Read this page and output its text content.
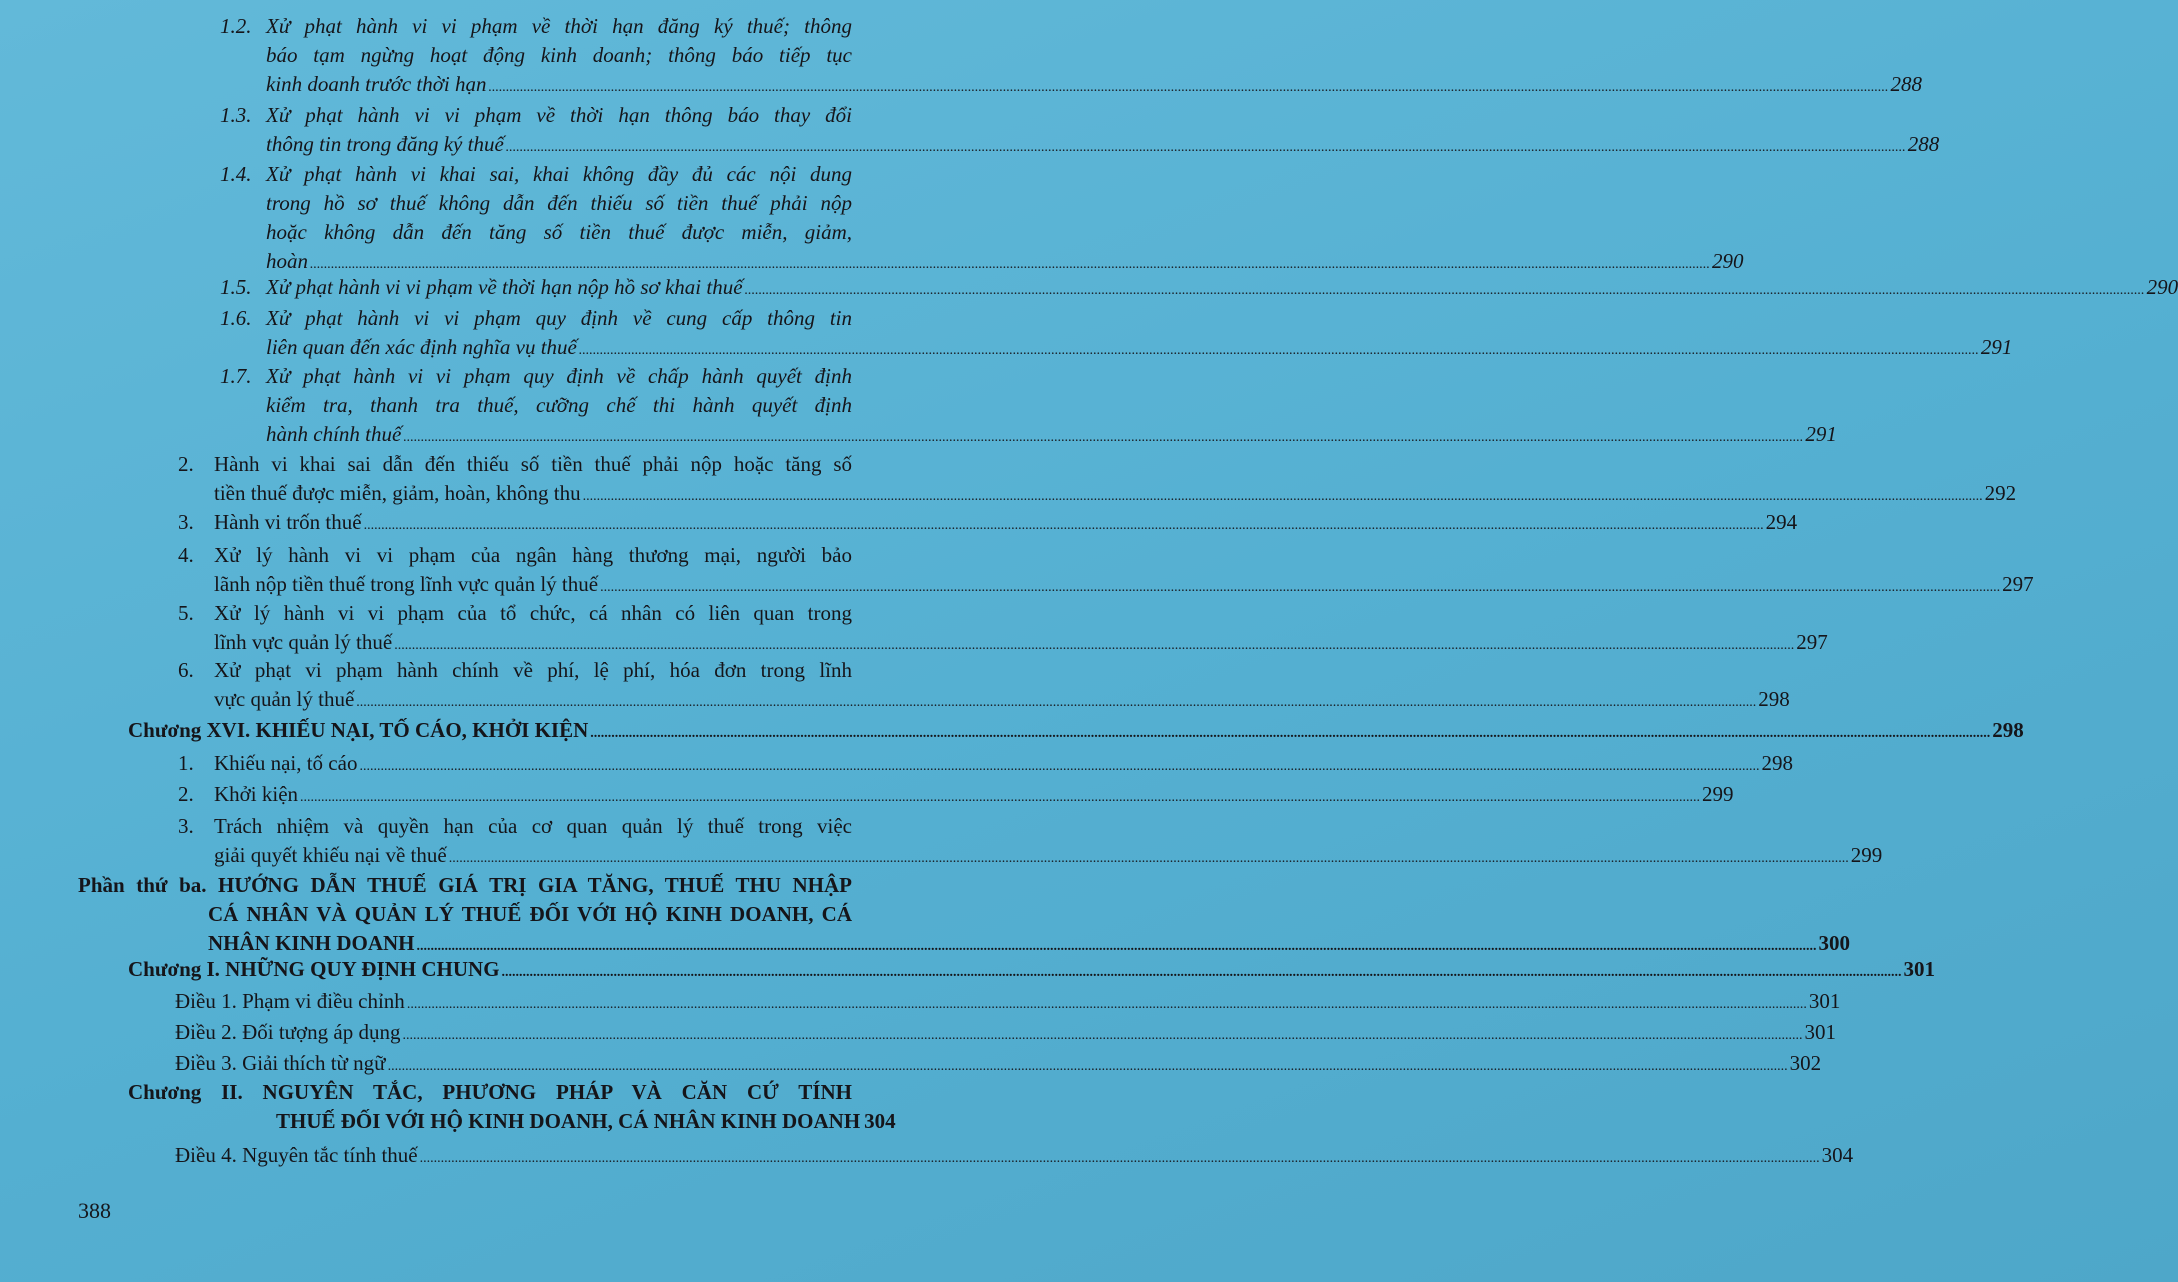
1.2. Xử phạt hành vi vi phạm về thời hạn đăng ký thuế; thông
báo tạm ngừng hoạt động kinh doanh; thông báo tiếp tục
kinh doanh trước thời hạn ................................................................................................................................................................................................................................................................................................................................................................................................................ 288
1.3. Xử phạt hành vi vi phạm về thời hạn thông báo thay đổi
thông tin trong đăng ký thuế ................................................................................................................................................................................................................................................................................................................................................................................................................ 288
1.4. Xử phạt hành vi khai sai, khai không đầy đủ các nội dung
trong hồ sơ thuế không dẫn đến thiếu số tiền thuế phải nộp
hoặc không dẫn đến tăng số tiền thuế được miễn, giảm,
hoàn ................................................................................................................................................................................................................................................................................................................................................................................................................ 290
1.5. Xử phạt hành vi vi phạm về thời hạn nộp hồ sơ khai thuế ................................................................................................................................................................................................................................................................................................................................................................................................................ 290
1.6. Xử phạt hành vi vi phạm quy định về cung cấp thông tin
liên quan đến xác định nghĩa vụ thuế ................................................................................................................................................................................................................................................................................................................................................................................................................ 291
1.7. Xử phạt hành vi vi phạm quy định về chấp hành quyết định
kiểm tra, thanh tra thuế, cưỡng chế thi hành quyết định
hành chính thuế ................................................................................................................................................................................................................................................................................................................................................................................................................ 291
2. Hành vi khai sai dẫn đến thiếu số tiền thuế phải nộp hoặc tăng số
tiền thuế được miễn, giảm, hoàn, không thu ................................................................................................................................................................................................................................................................................................................................................................................................................ 292
3. Hành vi trốn thuế ................................................................................................................................................................................................................................................................................................................................................................................................................ 294
4. Xử lý hành vi vi phạm của ngân hàng thương mại, người bảo
lãnh nộp tiền thuế trong lĩnh vực quản lý thuế ................................................................................................................................................................................................................................................................................................................................................................................................................ 297
5. Xử lý hành vi vi phạm của tổ chức, cá nhân có liên quan trong
lĩnh vực quản lý thuế ................................................................................................................................................................................................................................................................................................................................................................................................................ 297
6. Xử phạt vi phạm hành chính về phí, lệ phí, hóa đơn trong lĩnh
vực quản lý thuế ................................................................................................................................................................................................................................................................................................................................................................................................................ 298
Chương XVI. KHIẾU NẠI, TỐ CÁO, KHỞI KIỆN ................................................................................................................................................................................................................................................................................................................................................................................................................ 298
1. Khiếu nại, tố cáo ................................................................................................................................................................................................................................................................................................................................................................................................................ 298
2. Khởi kiện ................................................................................................................................................................................................................................................................................................................................................................................................................ 299
3. Trách nhiệm và quyền hạn của cơ quan quản lý thuế trong việc
giải quyết khiếu nại về thuế ................................................................................................................................................................................................................................................................................................................................................................................................................ 299
Phần thứ ba. HƯỚNG DẪN THUẾ GIÁ TRỊ GIA TĂNG, THUẾ THU NHẬP
CÁ NHÂN VÀ QUẢN LÝ THUẾ ĐỐI VỚI HỘ KINH DOANH, CÁ
NHÂN KINH DOANH ................................................................................................................................................................................................................................................................................................................................................................................................................ 300
Chương I. NHỮNG QUY ĐỊNH CHUNG ................................................................................................................................................................................................................................................................................................................................................................................................................ 301
Điều 1. Phạm vi điều chỉnh ................................................................................................................................................................................................................................................................................................................................................................................................................ 301
Điều 2. Đối tượng áp dụng ................................................................................................................................................................................................................................................................................................................................................................................................................ 301
Điều 3. Giải thích từ ngữ ................................................................................................................................................................................................................................................................................................................................................................................................................ 302
Chương II. NGUYÊN TẮC, PHƯƠNG PHÁP VÀ CĂN CỨ TÍNH
THUẾ ĐỐI VỚI HỘ KINH DOANH, CÁ NHÂN KINH DOANH 304
Điều 4. Nguyên tắc tính thuế ................................................................................................................................................................................................................................................................................................................................................................................................................ 304
388
